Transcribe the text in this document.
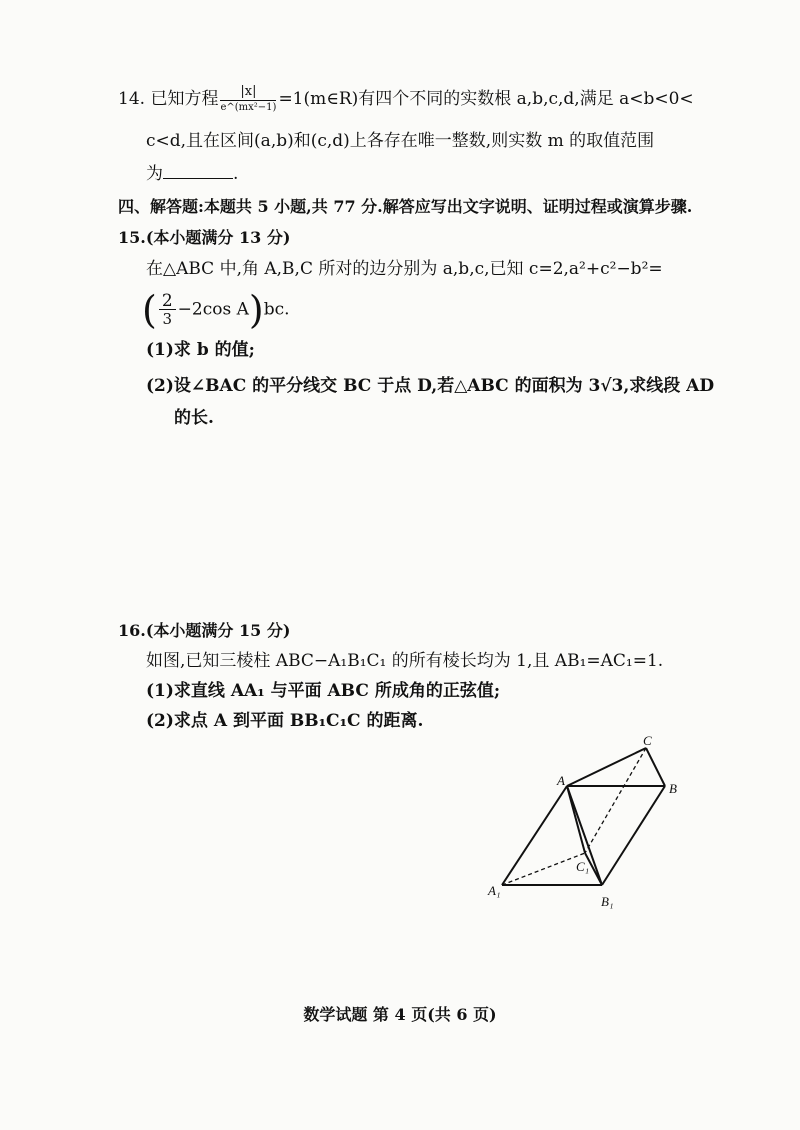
14. 已知方程 $\frac{|x|}{\text{e\textasciicircum{}(mx²−1)}}$ =1(m∈R)有四个不同的实数根 a,b,c,d,满足 a<b<0<
c<d,且在区间(a,b)和(c,d)上各存在唯一整数,则实数 m 的取值范围
为	.
四、解答题:本题共 5 小题,共 77 分.解答应写出文字说明、证明过程或演算步骤.
15.(本小题满分 13 分)
在△ABC 中,角 A,B,C 所对的边分别为 a,b,c,已知 c=2,a²+c²−b²=
( $\frac{2}{3} -2\cos$ A)bc.
(1)求 b 的值;
(2)设∠BAC 的平分线交 BC 于点 D,若△ABC 的面积为 3√3,求线段 AD
的长.
16.(本小题满分 15 分)
如图,已知三棱柱 ABC−A₁B₁C₁ 的所有棱长均为 1,且 AB₁=AC₁=1.
(1)求直线 AA₁ 与平面 ABC 所成角的正弦值;
(2)求点 A 到平面 BB₁C₁C 的距离.
A
B
C
A₁
B₁
C₁
数学试题 第 4 页(共 6 页)
